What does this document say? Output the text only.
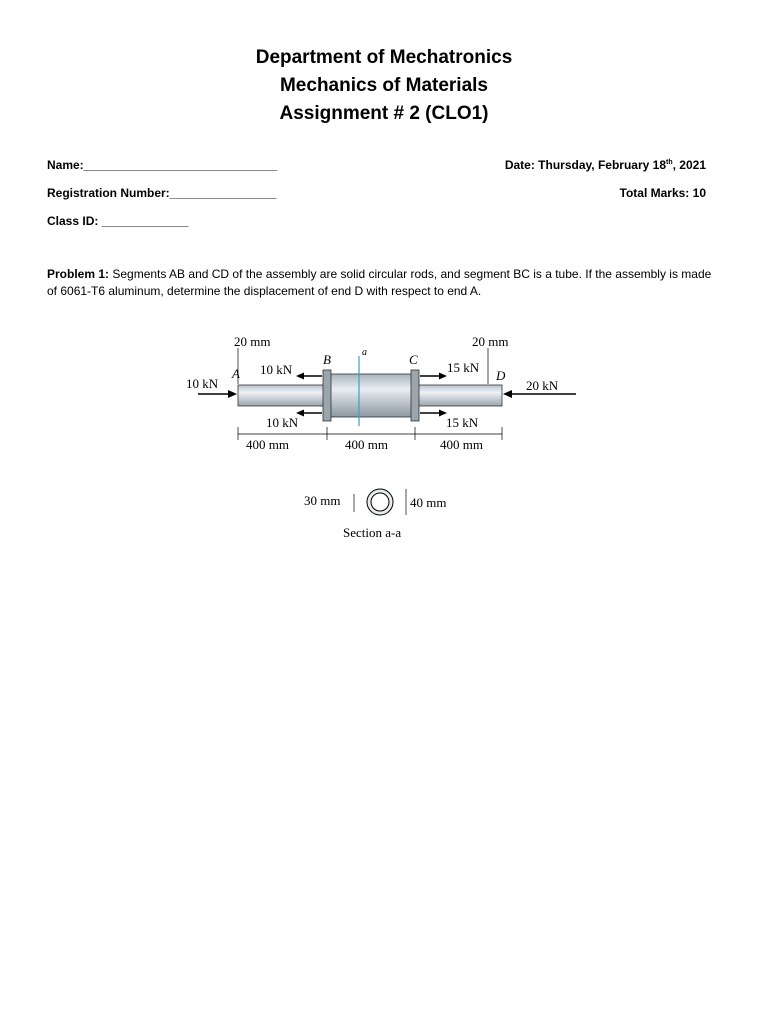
Department of Mechatronics
Mechanics of Materials
Assignment # 2 (CLO1)
Name:_____________________________
Registration Number:________________
Class ID: _____________
Date: Thursday, February 18th, 2021
Total Marks: 10
Problem 1: Segments AB and CD of the assembly are solid circular rods, and segment BC is a tube. If the assembly is made of 6061-T6 aluminum, determine the displacement of end D with respect to end A.
a
20 mm	20 mm
A
B	C
D
10 kN
10 kN
10 kN
15 kN
15 kN
20 kN
400 mm	400 mm	400 mm
30 mm	40 mm
Section a-a
